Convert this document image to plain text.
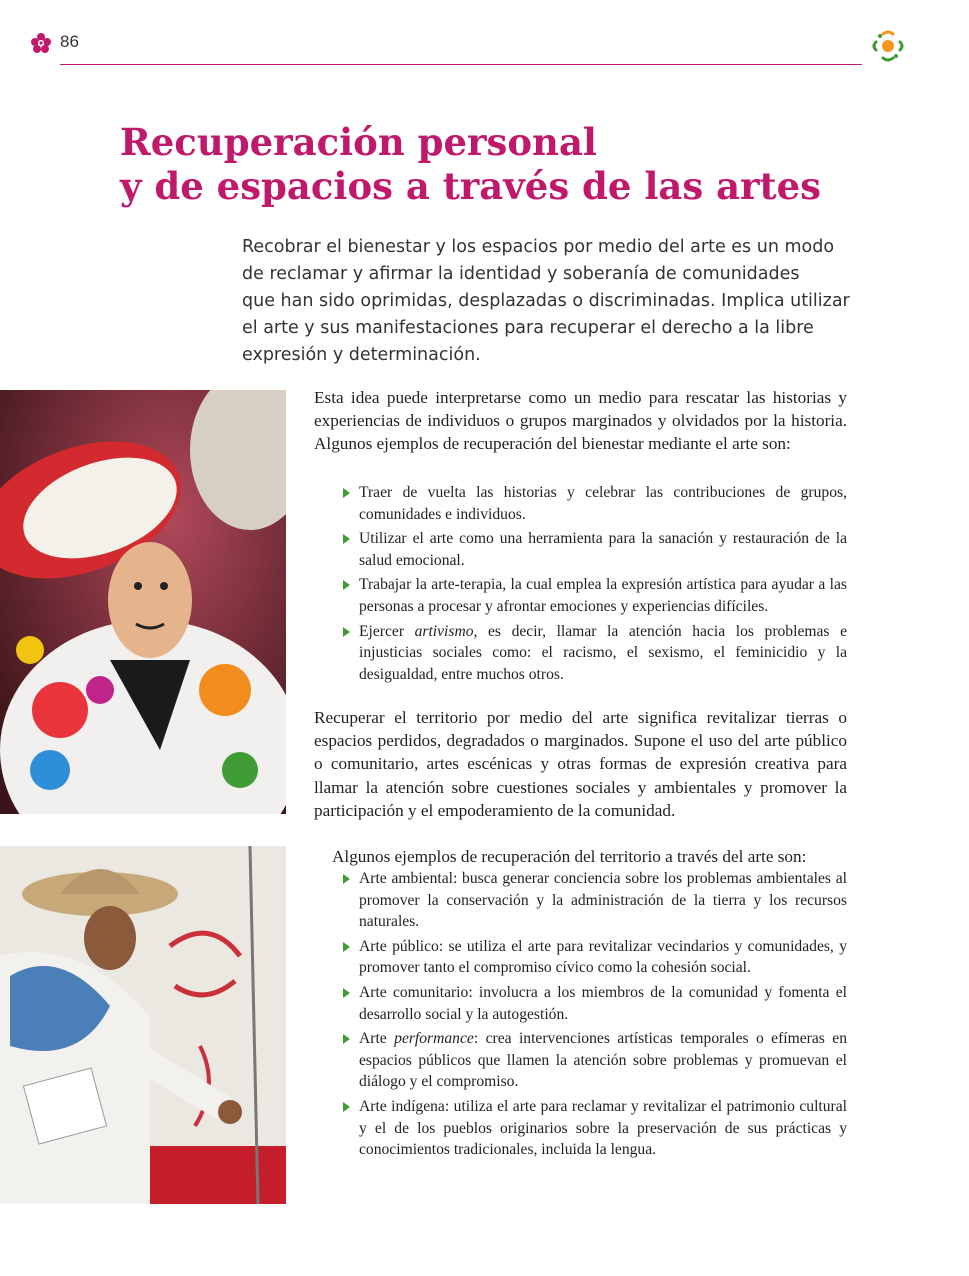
86
Recuperación personal
y de espacios a través de las artes
Recobrar el bienestar y los espacios por medio del arte es un modo
de reclamar y afirmar la identidad y soberanía de comunidades
que han sido oprimidas, desplazadas o discriminadas. Implica utilizar
el arte y sus manifestaciones para recuperar el derecho a la libre
expresión y determinación.
Esta idea puede interpretarse como un medio para rescatar las historias y experiencias de individuos o grupos marginados y olvidados por la historia. Algunos ejemplos de recuperación del bienestar mediante el arte son:
Traer de vuelta las historias y celebrar las contribuciones de grupos, comunidades e individuos.
Utilizar el arte como una herramienta para la sanación y restauración de la salud emocional.
Trabajar la arte-terapia, la cual emplea la expresión artística para ayudar a las personas a procesar y afrontar emociones y experiencias difíciles.
Ejercer artivismo, es decir, llamar la atención hacia los problemas e injusticias sociales como: el racismo, el sexismo, el feminicidio y la desigualdad, entre muchos otros.
Recuperar el territorio por medio del arte significa revitalizar tierras o espacios perdidos, degradados o marginados. Supone el uso del arte público o comunitario, artes escénicas y otras formas de expresión creativa para llamar la atención sobre cuestiones sociales y ambientales y promover la participación y el empoderamiento de la comunidad.
Algunos ejemplos de recuperación del territorio a través del arte son:
Arte ambiental: busca generar conciencia sobre los problemas ambientales al promover la conservación y la administración de la tierra y los recursos naturales.
Arte público: se utiliza el arte para revitalizar vecindarios y comunidades, y promover tanto el compromiso cívico como la cohesión social.
Arte comunitario: involucra a los miembros de la comunidad y fomenta el desarrollo social y la autogestión.
Arte performance: crea intervenciones artísticas temporales o efímeras en espacios públicos que llamen la atención sobre problemas y promuevan el diálogo y el compromiso.
Arte indígena: utiliza el arte para reclamar y revitalizar el patrimonio cultural y el de los pueblos originarios sobre la preservación de sus prácticas y conocimientos tradicionales, incluida la lengua.
